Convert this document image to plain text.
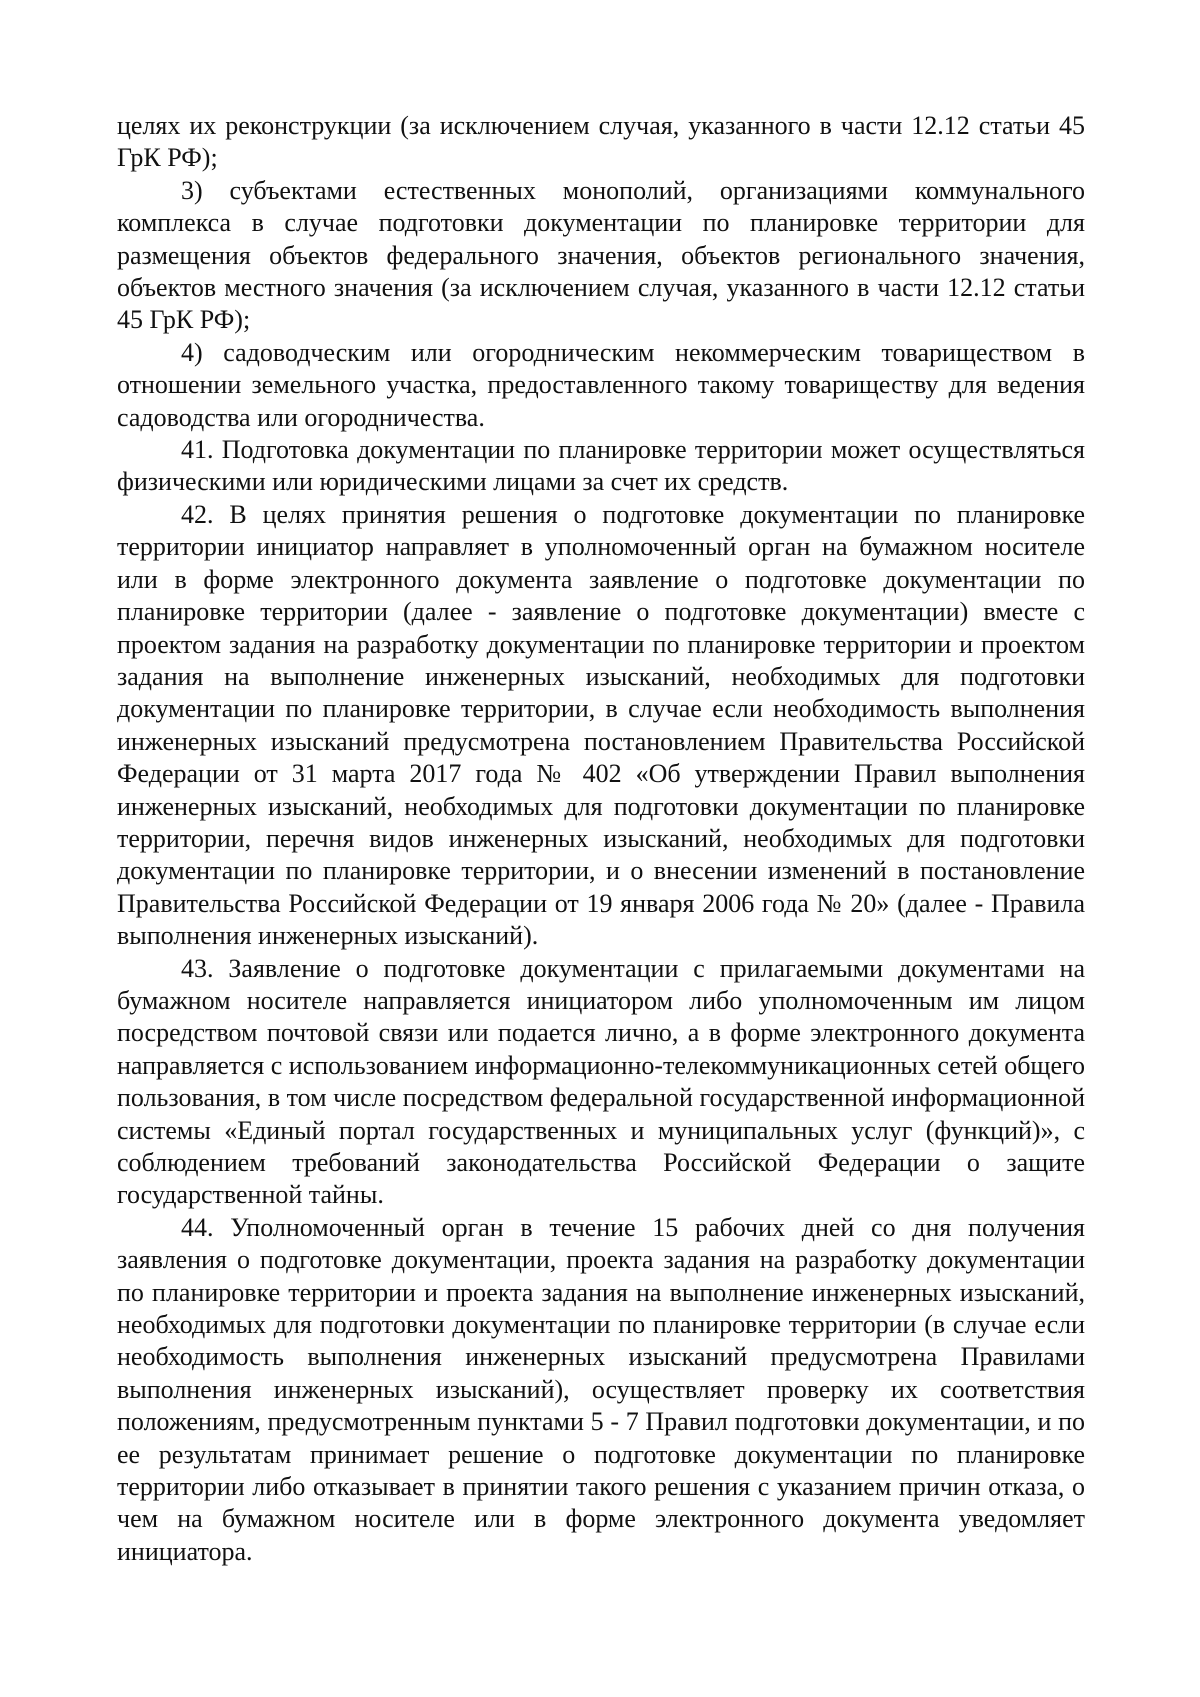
целях их реконструкции (за исключением случая, указанного в части 12.12 статьи 45 ГрК РФ);

3) субъектами естественных монополий, организациями коммунального комплекса в случае подготовки документации по планировке территории для размещения объектов федерального значения, объектов регионального значения, объектов местного значения (за исключением случая, указанного в части 12.12 статьи 45 ГрК РФ);

4) садоводческим или огородническим некоммерческим товариществом в отношении земельного участка, предоставленного такому товариществу для ведения садоводства или огородничества.

41. Подготовка документации по планировке территории может осуществляться физическими или юридическими лицами за счет их средств.

42. В целях принятия решения о подготовке документации по планировке территории инициатор направляет в уполномоченный орган на бумажном носителе или в форме электронного документа заявление о подготовке документации по планировке территории (далее - заявление о подготовке документации) вместе с проектом задания на разработку документации по планировке территории и проектом задания на выполнение инженерных изысканий, необходимых для подготовки документации по планировке территории, в случае если необходимость выполнения инженерных изысканий предусмотрена постановлением Правительства Российской Федерации от 31 марта 2017 года № 402 «Об утверждении Правил выполнения инженерных изысканий, необходимых для подготовки документации по планировке территории, перечня видов инженерных изысканий, необходимых для подготовки документации по планировке территории, и о внесении изменений в постановление Правительства Российской Федерации от 19 января 2006 года № 20» (далее - Правила выполнения инженерных изысканий).

43. Заявление о подготовке документации с прилагаемыми документами на бумажном носителе направляется инициатором либо уполномоченным им лицом посредством почтовой связи или подается лично, а в форме электронного документа направляется с использованием информационно-телекоммуникационных сетей общего пользования, в том числе посредством федеральной государственной информационной системы «Единый портал государственных и муниципальных услуг (функций)», с соблюдением требований законодательства Российской Федерации о защите государственной тайны.

44. Уполномоченный орган в течение 15 рабочих дней со дня получения заявления о подготовке документации, проекта задания на разработку документации по планировке территории и проекта задания на выполнение инженерных изысканий, необходимых для подготовки документации по планировке территории (в случае если необходимость выполнения инженерных изысканий предусмотрена Правилами выполнения инженерных изысканий), осуществляет проверку их соответствия положениям, предусмотренным пунктами 5 - 7 Правил подготовки документации, и по ее результатам принимает решение о подготовке документации по планировке территории либо отказывает в принятии такого решения с указанием причин отказа, о чем на бумажном носителе или в форме электронного документа уведомляет инициатора.
